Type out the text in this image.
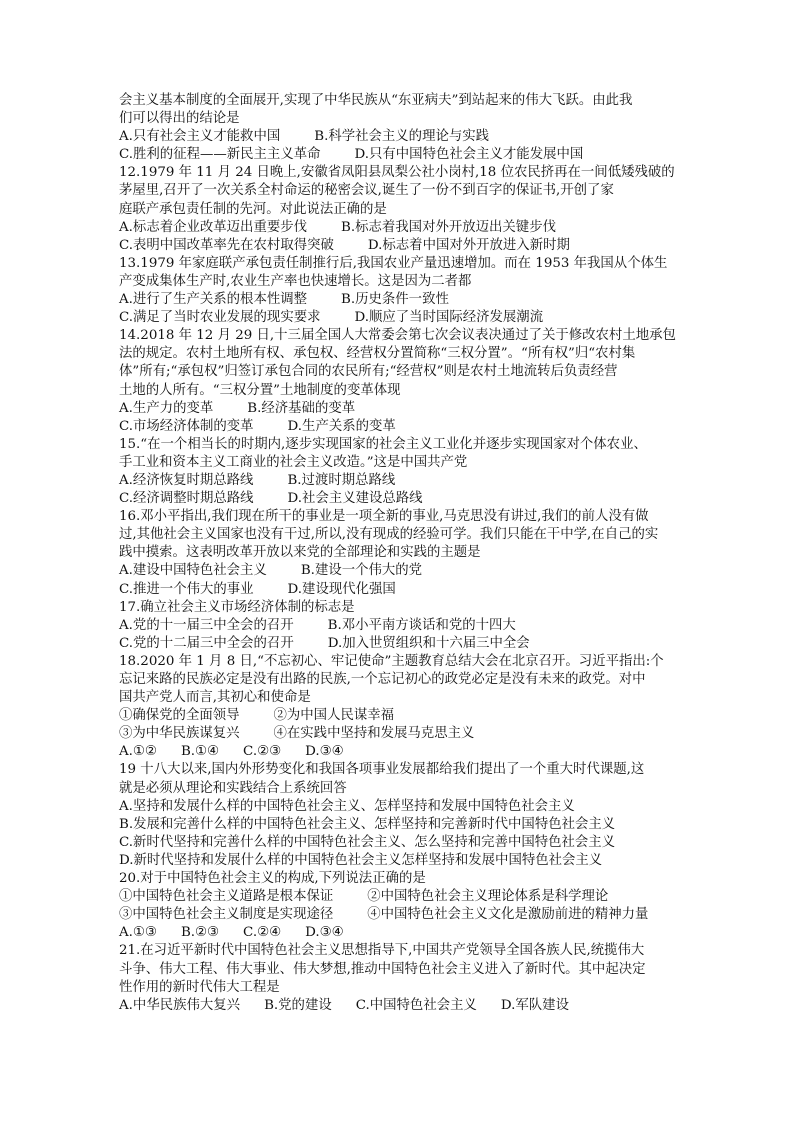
会主义基本制度的全面展开,实现了中华民族从“东亚病夫”到站起来的伟大飞跃。由此我
们可以得出的结论是
A.只有社会主义才能救中国	B.科学社会主义的理论与实践
C.胜利的征程——新民主主义革命	D.只有中国特色社会主义才能发展中国
12.1979 年 11 月 24 日晚上,安徽省凤阳县凤梨公社小岗村,18 位农民挤再在一间低矮残破的
茅屋里,召开了一次关系全村命运的秘密会议,诞生了一份不到百字的保证书,开创了家
庭联产承包责任制的先河。对此说法正确的是
A.标志着企业改革迈出重要步伐	B.标志着我国对外开放迈出关键步伐
C.表明中国改革率先在农村取得突破	D.标志着中国对外开放进入新时期
13.1979 年家庭联产承包责任制推行后,我国农业产量迅速增加。而在 1953 年我国从个体生
产变成集体生产时,农业生产率也快速增长。这是因为二者都
A.进行了生产关系的根本性调整	B.历史条件一致性
C.满足了当时农业发展的现实要求	D.顺应了当时国际经济发展潮流
14.2018 年 12 月 29 日,十三届全国人大常委会第七次会议表决通过了关于修改农村土地承包
法的规定。农村土地所有权、承包权、经营权分置简称“三权分置”。“所有权”归“农村集
体”所有;“承包权”归签订承包合同的农民所有;“经营权”则是农村土地流转后负责经营
土地的人所有。“三权分置”土地制度的变革体现
A.生产力的变革	B.经济基础的变革
C.市场经济体制的变革	D.生产关系的变革
15.“在一个相当长的时期内,逐步实现国家的社会主义工业化并逐步实现国家对个体农业、
手工业和资本主义工商业的社会主义改造。”这是中国共产党
A.经济恢复时期总路线	B.过渡时期总路线
C.经济调整时期总路线	D.社会主义建设总路线
16.邓小平指出,我们现在所干的事业是一项全新的事业,马克思没有讲过,我们的前人没有做
过,其他社会主义国家也没有干过,所以,没有现成的经验可学。我们只能在干中学,在自己的实
践中摸索。这表明改革开放以来党的全部理论和实践的主题是
A.建设中国特色社会主义	B.建设一个伟大的党
C.推进一个伟大的事业	D.建设现代化强国
17.确立社会主义市场经济体制的标志是
A.党的十一届三中全会的召开	B.邓小平南方谈话和党的十四大
C.党的十二届三中全会的召开	D.加入世贸组织和十六届三中全会
18.2020 年 1 月 8 日,“不忘初心、牢记使命”主题教育总结大会在北京召开。习近平指出:个
忘记来路的民族必定是没有出路的民族,一个忘记初心的政党必定是没有未来的政党。对中
国共产党人而言,其初心和使命是
①确保党的全面领导	②为中国人民谋幸福
③为中华民族谋复兴	④在实践中坚持和发展马克思主义
A.①② B.①④ C.②③ D.③④
19 十八大以来,国内外形势变化和我国各项事业发展都给我们提出了一个重大时代课题,这
就是必须从理论和实践结合上系统回答
A.坚持和发展什么样的中国特色社会主义、怎样坚持和发展中国特色社会主义
B.发展和完善什么样的中国特色社会主义、怎样坚持和完善新时代中国特色社会主义
C.新时代坚持和完善什么样的中国特色社会主义、怎么坚持和完善中国特色社会主义
D.新时代坚持和发展什么样的中国特色社会主义怎样坚持和发展中国特色社会主义
20.对于中国特色社会主义的构成,下列说法正确的是
①中国特色社会主义道路是根本保证	②中国特色社会主义理论体系是科学理论
③中国特色社会主义制度是实现途径	④中国特色社会主义文化是激励前进的精神力量
A.①③ B.②③ C.②④ D.③④
21.在习近平新时代中国特色社会主义思想指导下,中国共产党领导全国各族人民,统揽伟大
斗争、伟大工程、伟大事业、伟大梦想,推动中国特色社会主义进入了新时代。其中起决定
性作用的新时代伟大工程是
A.中华民族伟大复兴 B.党的建设 C.中国特色社会主义 D.军队建设
